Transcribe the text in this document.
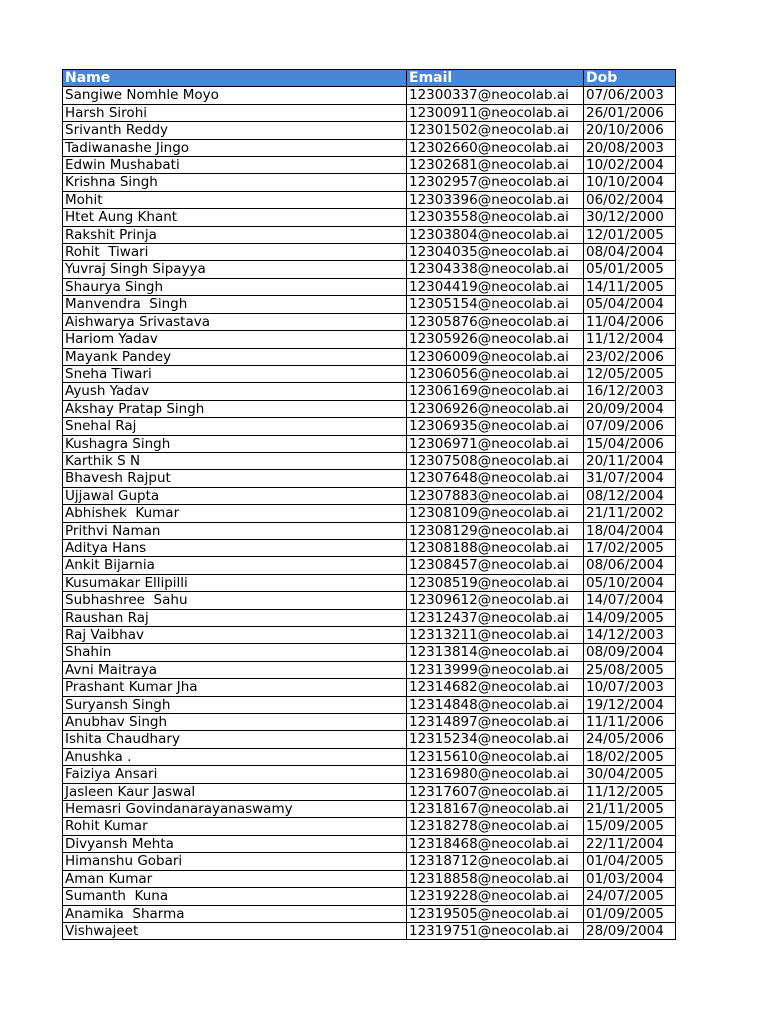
Name	Email	Dob
Sangiwe Nomhle Moyo	12300337@neocolab.ai	07/06/2003
Harsh Sirohi	12300911@neocolab.ai	26/01/2006
Srivanth Reddy	12301502@neocolab.ai	20/10/2006
Tadiwanashe Jingo	12302660@neocolab.ai	20/08/2003
Edwin Mushabati	12302681@neocolab.ai	10/02/2004
Krishna Singh	12302957@neocolab.ai	10/10/2004
Mohit	12303396@neocolab.ai	06/02/2004
Htet Aung Khant	12303558@neocolab.ai	30/12/2000
Rakshit Prinja	12303804@neocolab.ai	12/01/2005
Rohit  Tiwari	12304035@neocolab.ai	08/04/2004
Yuvraj Singh Sipayya	12304338@neocolab.ai	05/01/2005
Shaurya Singh	12304419@neocolab.ai	14/11/2005
Manvendra  Singh	12305154@neocolab.ai	05/04/2004
Aishwarya Srivastava	12305876@neocolab.ai	11/04/2006
Hariom Yadav	12305926@neocolab.ai	11/12/2004
Mayank Pandey	12306009@neocolab.ai	23/02/2006
Sneha Tiwari	12306056@neocolab.ai	12/05/2005
Ayush Yadav	12306169@neocolab.ai	16/12/2003
Akshay Pratap Singh	12306926@neocolab.ai	20/09/2004
Snehal Raj	12306935@neocolab.ai	07/09/2006
Kushagra Singh	12306971@neocolab.ai	15/04/2006
Karthik S N	12307508@neocolab.ai	20/11/2004
Bhavesh Rajput	12307648@neocolab.ai	31/07/2004
Ujjawal Gupta	12307883@neocolab.ai	08/12/2004
Abhishek  Kumar	12308109@neocolab.ai	21/11/2002
Prithvi Naman	12308129@neocolab.ai	18/04/2004
Aditya Hans	12308188@neocolab.ai	17/02/2005
Ankit Bijarnia	12308457@neocolab.ai	08/06/2004
Kusumakar Ellipilli	12308519@neocolab.ai	05/10/2004
Subhashree  Sahu	12309612@neocolab.ai	14/07/2004
Raushan Raj	12312437@neocolab.ai	14/09/2005
Raj Vaibhav	12313211@neocolab.ai	14/12/2003
Shahin	12313814@neocolab.ai	08/09/2004
Avni Maitraya	12313999@neocolab.ai	25/08/2005
Prashant Kumar Jha	12314682@neocolab.ai	10/07/2003
Suryansh Singh	12314848@neocolab.ai	19/12/2004
Anubhav Singh	12314897@neocolab.ai	11/11/2006
Ishita Chaudhary	12315234@neocolab.ai	24/05/2006
Anushka .	12315610@neocolab.ai	18/02/2005
Faiziya Ansari	12316980@neocolab.ai	30/04/2005
Jasleen Kaur Jaswal	12317607@neocolab.ai	11/12/2005
Hemasri Govindanarayanaswamy	12318167@neocolab.ai	21/11/2005
Rohit Kumar	12318278@neocolab.ai	15/09/2005
Divyansh Mehta	12318468@neocolab.ai	22/11/2004
Himanshu Gobari	12318712@neocolab.ai	01/04/2005
Aman Kumar	12318858@neocolab.ai	01/03/2004
Sumanth  Kuna	12319228@neocolab.ai	24/07/2005
Anamika  Sharma	12319505@neocolab.ai	01/09/2005
Vishwajeet	12319751@neocolab.ai	28/09/2004
